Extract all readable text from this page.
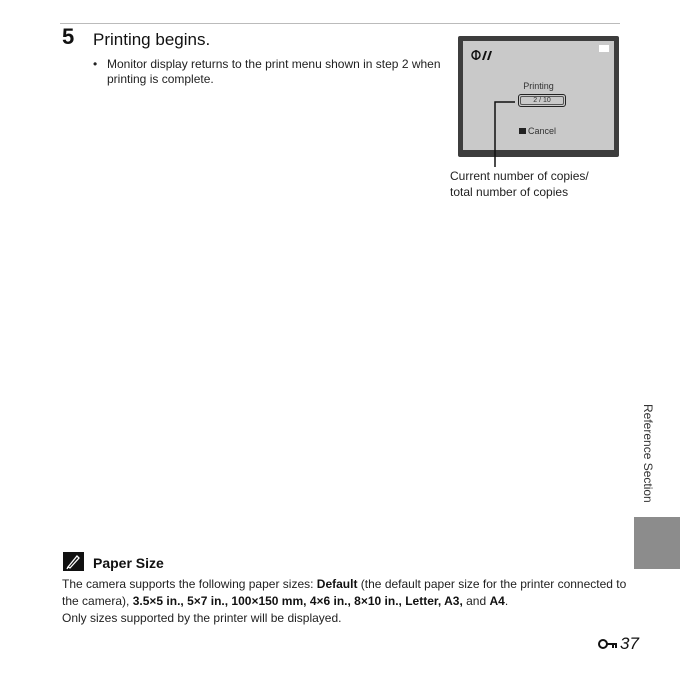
5 Printing begins.
• Monitor display returns to the print menu shown in step 2 when printing is complete.	Printing
2 / 10
Cancel
Current number of copies/
total number of copies
Reference Section
Paper Size
The camera supports the following paper sizes: Default (the default paper size for the printer connected to the camera), 3.5×5 in., 5×7 in., 100×150 mm, 4×6 in., 8×10 in., Letter, A3, and A4.
Only sizes supported by the printer will be displayed.
37
